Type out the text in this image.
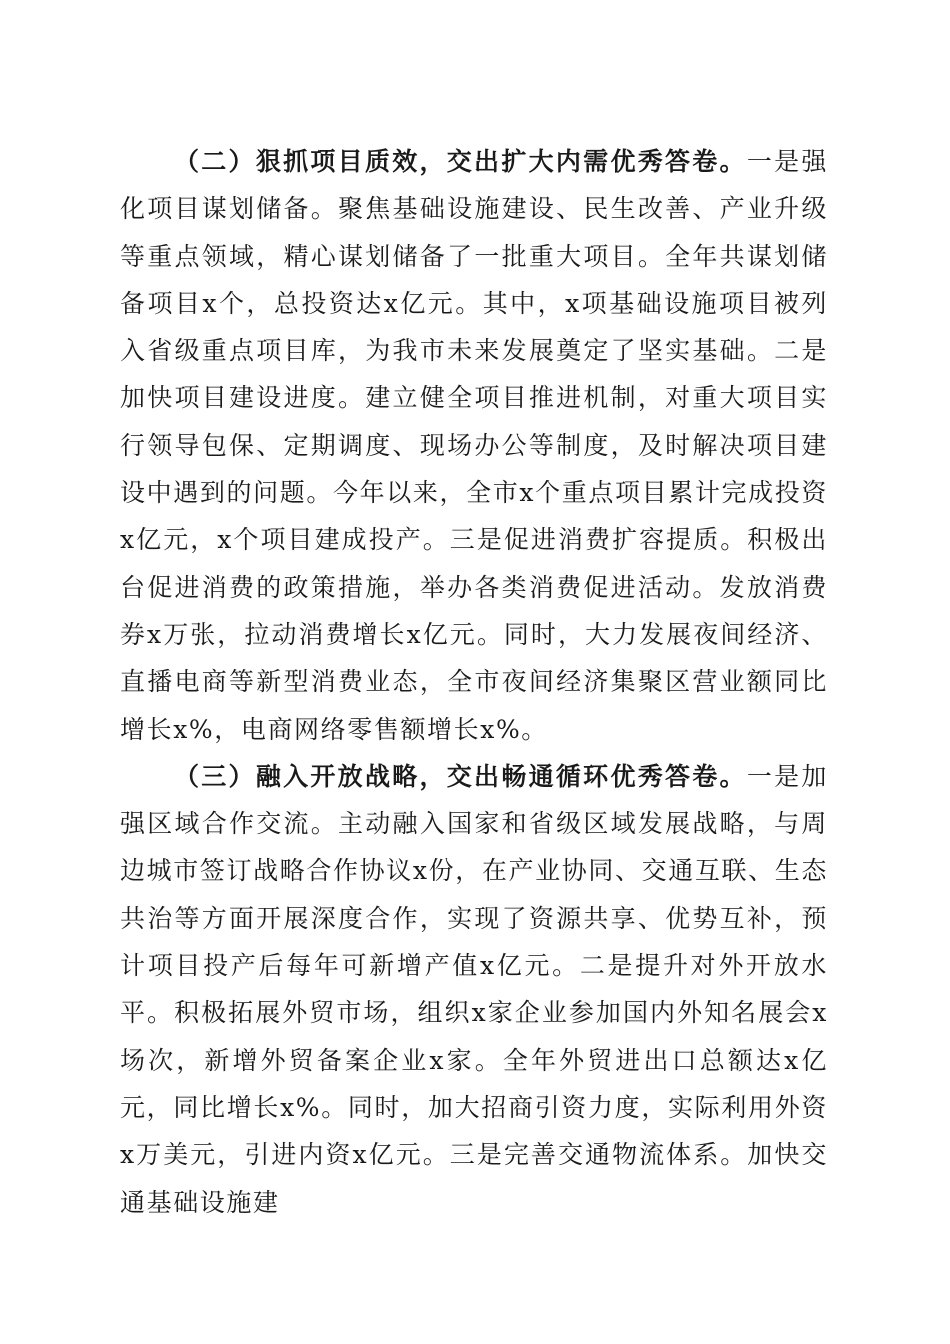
（二）狠抓项目质效，交出扩大内需优秀答卷。一是强化项目谋划储备。聚焦基础设施建设、民生改善、产业升级等重点领域，精心谋划储备了一批重大项目。全年共谋划储备项目x个，总投资达x亿元。其中，x项基础设施项目被列入省级重点项目库，为我市未来发展奠定了坚实基础。二是加快项目建设进度。建立健全项目推进机制，对重大项目实行领导包保、定期调度、现场办公等制度，及时解决项目建设中遇到的问题。今年以来，全市x个重点项目累计完成投资x亿元，x个项目建成投产。三是促进消费扩容提质。积极出台促进消费的政策措施，举办各类消费促进活动。发放消费券x万张，拉动消费增长x亿元。同时，大力发展夜间经济、直播电商等新型消费业态，全市夜间经济集聚区营业额同比增长x%，电商网络零售额增长x%。

（三）融入开放战略，交出畅通循环优秀答卷。一是加强区域合作交流。主动融入国家和省级区域发展战略，与周边城市签订战略合作协议x份，在产业协同、交通互联、生态共治等方面开展深度合作，实现了资源共享、优势互补，预计项目投产后每年可新增产值x亿元。二是提升对外开放水平。积极拓展外贸市场，组织x家企业参加国内外知名展会x场次，新增外贸备案企业x家。全年外贸进出口总额达x亿元，同比增长x%。同时，加大招商引资力度，实际利用外资x万美元，引进内资x亿元。三是完善交通物流体系。加快交通基础设施建
